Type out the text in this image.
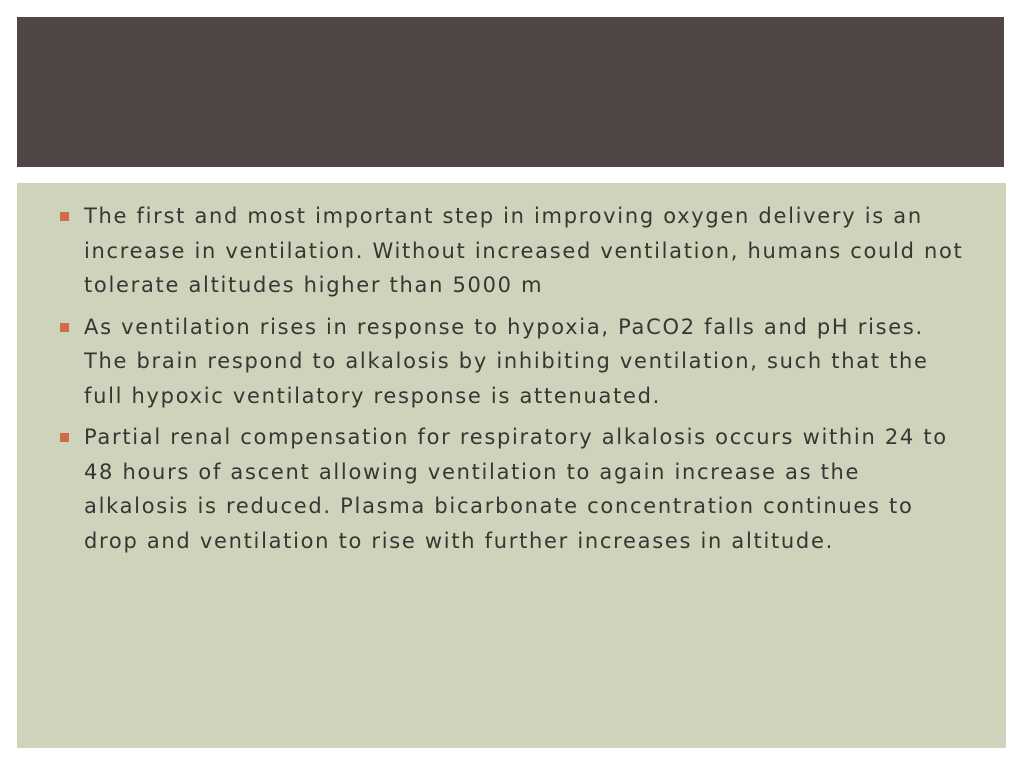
The first and most important step in improving oxygen delivery is an increase in ventilation. Without increased ventilation, humans could not tolerate altitudes higher than 5000 m
As ventilation rises in response to hypoxia, PaCO2 falls and pH rises. The brain respond to alkalosis by inhibiting ventilation, such that the full hypoxic ventilatory response is attenuated.
Partial renal compensation for respiratory alkalosis occurs within 24 to 48 hours of ascent allowing ventilation to again increase as the alkalosis is reduced. Plasma bicarbonate concentration continues to drop and ventilation to rise with further increases in altitude.
